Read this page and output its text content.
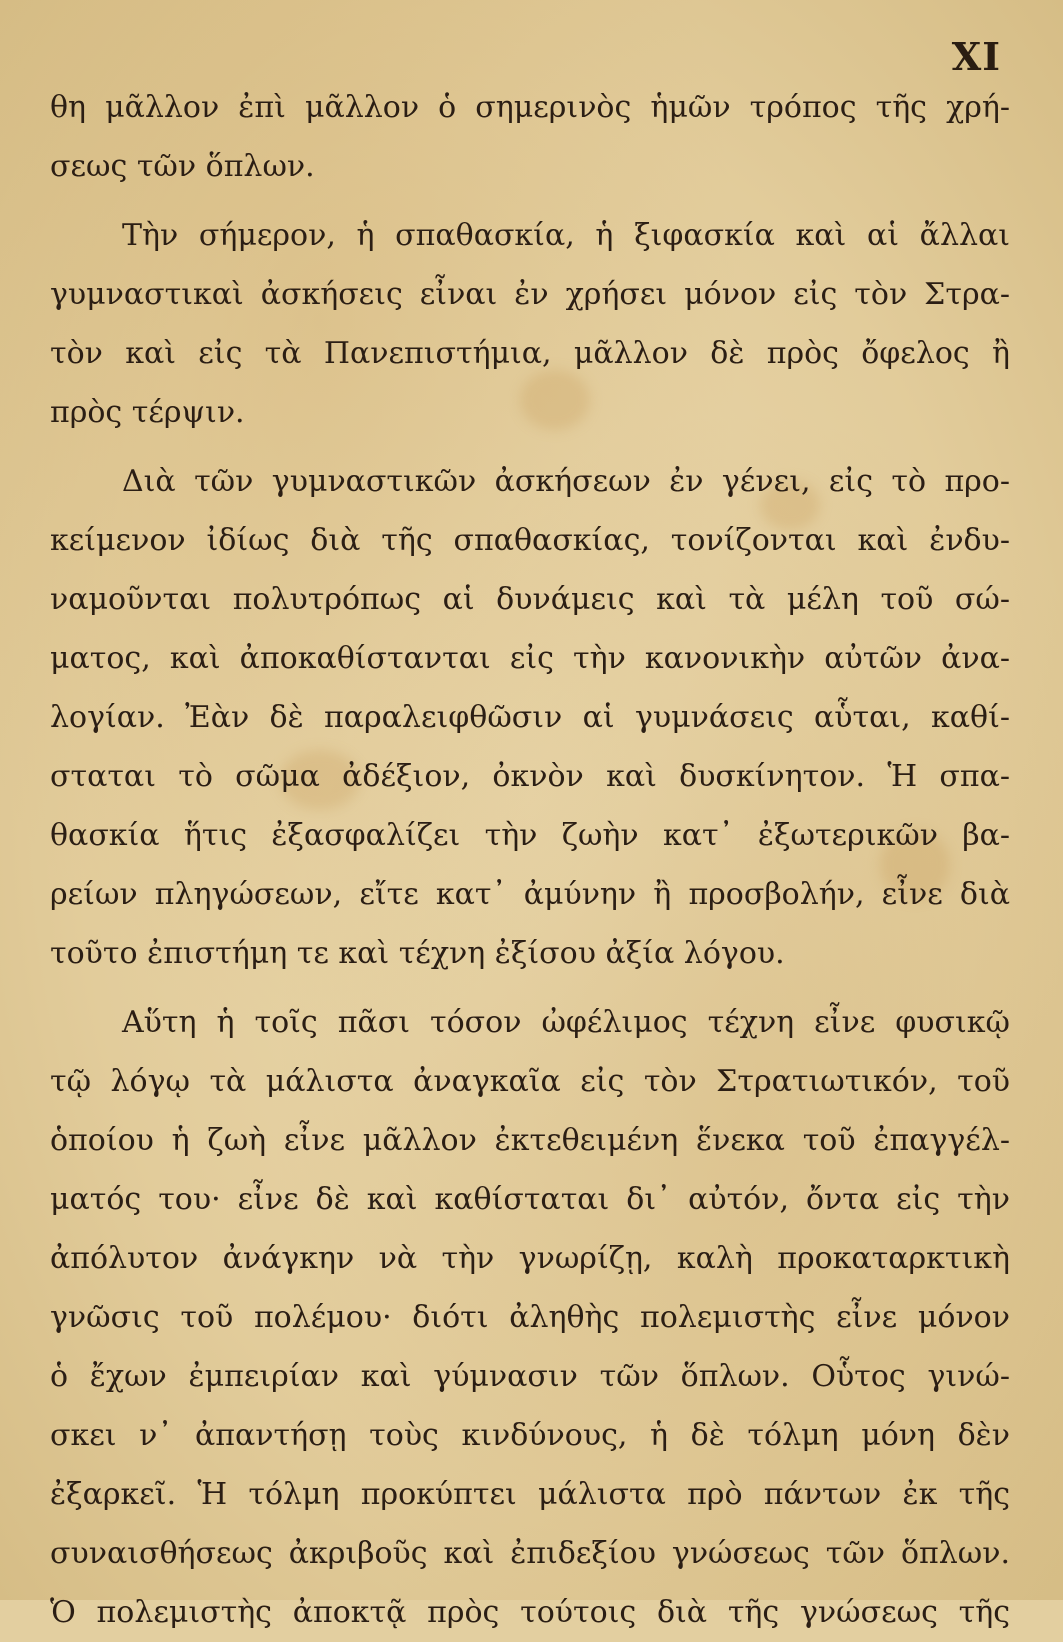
XI
θη μᾶλλον ἐπὶ μᾶλλον ὁ σημερινὸς ἡμῶν τρόπος τῆς χρή-
σεως τῶν ὅπλων.
Τὴν σήμερον, ἡ σπαθασκία, ἡ ξιφασκία καὶ αἱ ἄλλαι
γυμναστικαὶ ἀσκήσεις εἶναι ἐν χρήσει μόνον εἰς τὸν Στρα-
τὸν καὶ εἰς τὰ Πανεπιστήμια, μᾶλλον δὲ πρὸς ὄφελος ἢ
πρὸς τέρψιν.
Διὰ τῶν γυμναστικῶν ἀσκήσεων ἐν γένει, εἰς τὸ προ-
κείμενον ἰδίως διὰ τῆς σπαθασκίας, τονίζονται καὶ ἐνδυ-
ναμοῦνται πολυτρόπως αἱ δυνάμεις καὶ τὰ μέλη τοῦ σώ-
ματος, καὶ ἀποκαθίστανται εἰς τὴν κανονικὴν αὐτῶν ἀνα-
λογίαν. Ἐὰν δὲ παραλειφθῶσιν αἱ γυμνάσεις αὗται, καθί-
σταται τὸ σῶμα ἀδέξιον, ὀκνὸν καὶ δυσκίνητον. Ἡ σπα-
θασκία ἥτις ἐξασφαλίζει τὴν ζωὴν κατ᾽ ἐξωτερικῶν βα-
ρείων πληγώσεων, εἴτε κατ᾽ ἀμύνην ἢ προσβολήν, εἶνε διὰ
τοῦτο ἐπιστήμη τε καὶ τέχνη ἐξίσου ἀξία λόγου.
Αὕτη ἡ τοῖς πᾶσι τόσον ὠφέλιμος τέχνη εἶνε φυσικῷ
τῷ λόγῳ τὰ μάλιστα ἀναγκαῖα εἰς τὸν Στρατιωτικόν, τοῦ
ὁποίου ἡ ζωὴ εἶνε μᾶλλον ἐκτεθειμένη ἕνεκα τοῦ ἐπαγγέλ-
ματός του· εἶνε δὲ καὶ καθίσταται δι᾽ αὐτόν, ὄντα εἰς τὴν
ἀπόλυτον ἀνάγκην νὰ τὴν γνωρίζῃ, καλὴ προκαταρκτικὴ
γνῶσις τοῦ πολέμου· διότι ἀληθὴς πολεμιστὴς εἶνε μόνον
ὁ ἔχων ἐμπειρίαν καὶ γύμνασιν τῶν ὅπλων. Οὗτος γινώ-
σκει ν᾽ ἀπαντήσῃ τοὺς κινδύνους, ἡ δὲ τόλμη μόνη δὲν
ἐξαρκεῖ. Ἡ τόλμη προκύπτει μάλιστα πρὸ πάντων ἐκ τῆς
συναισθήσεως ἀκριβοῦς καὶ ἐπιδεξίου γνώσεως τῶν ὅπλων.
Ὁ πολεμιστὴς ἀποκτᾷ πρὸς τούτοις διὰ τῆς γνώσεως τῆς
